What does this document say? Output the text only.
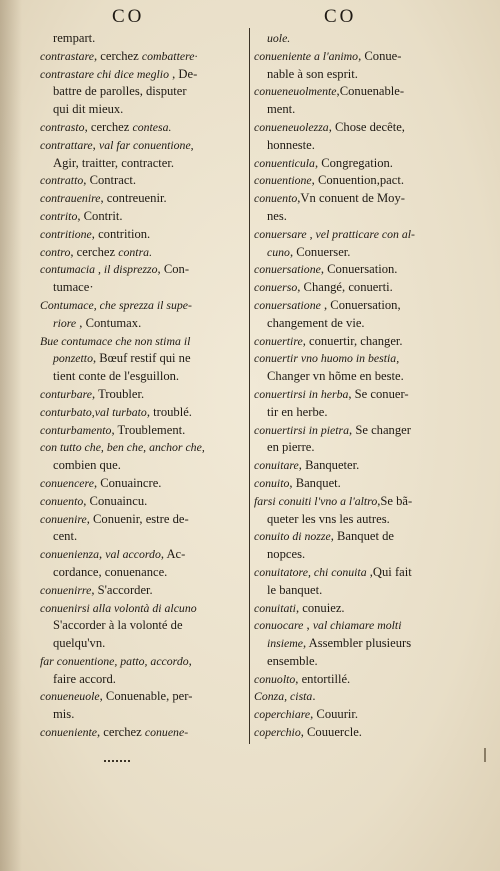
CO	CO
rempart.
contrastare, cerchez combattere·
contrastare chi dice meglio , De-
battre de parolles, disputer
qui dit mieux.
contrasto, cerchez contesa.
contrattare, val far conuentione,
Agir, traitter, contracter.
contratto, Contract.
contrauenire, contreuenir.
contrito, Contrit.
contritione, contrition.
contro, cerchez contra.
contumacia , il disprezzo, Con-
tumace·
Contumace, che sprezza il supe-
riore , Contumax.
Bue contumace che non stima il
ponzetto, Bœuf restif qui ne
tient conte de l'esguillon.
conturbare, Troubler.
conturbato,val turbato, troublé.
conturbamento, Troublement.
con tutto che, ben che, anchor che,
combien que.
conuencere, Conuaincre.
conuento, Conuaincu.
conuenire, Conuenir, estre de-
cent.
conuenienza, val accordo, Ac-
cordance, conuenance.
conuenirre, S'accorder.
conuenirsi alla volontà di alcuno
S'accorder à la volonté de
quelqu'vn.
far conuentione, patto, accordo,
faire accord.
conueneuole, Conuenable, per-
mis.
conueniente, cerchez conuene-
uole.
conueniente a l'animo, Conue-
nable à son esprit.
conueneuolmente,Conuenable-
ment.
conueneuolezza, Chose decête,
honneste.
conuenticula, Congregation.
conuentione, Conuention,pact.
conuento,Vn conuent de Moy-
nes.
conuersare , vel pratticare con al-
cuno, Conuerser.
conuersatione, Conuersation.
conuerso, Changé, conuerti.
conuersatione , Conuersation,
changement de vie.
conuertire, conuertir, changer.
conuertir vno huomo in bestia,
Changer vn hõme en beste.
conuertirsi in herba, Se conuer-
tir en herbe.
conuertirsi in pietra, Se changer
en pierre.
conuitare, Banqueter.
conuito, Banquet.
farsi conuiti l'vno a l'altro,Se bã-
queter les vns les autres.
conuito di nozze, Banquet de
nopces.
conuitatore, chi conuita ,Qui fait
le banquet.
conuitati, conuiez.
conuocare , val chiamare molti
insieme, Assembler plusieurs
ensemble.
conuolto, entortillé.
Conza, cista.
coperchiare, Couurir.
coperchio, Couuercle.
